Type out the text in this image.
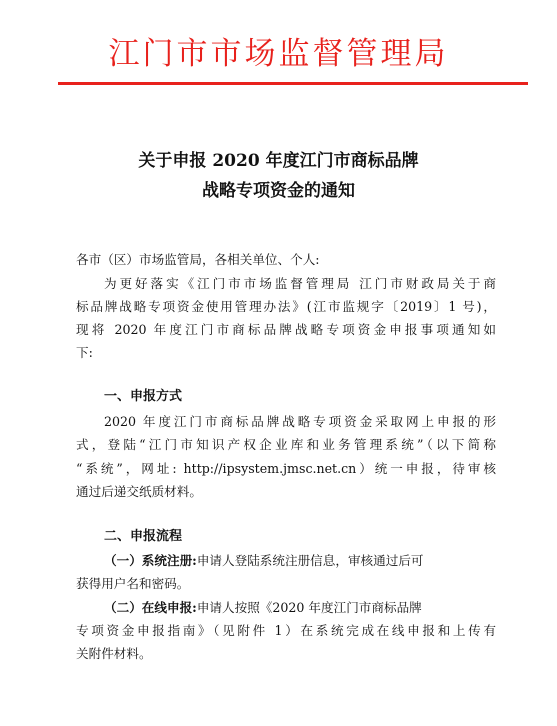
江门市市场监督管理局
关于申报 2020 年度江门市商标品牌
战略专项资金的通知
各市（区）市场监管局，各相关单位、个人:
为更好落实《江门市市场监督管理局 江门市财政局关于商
标品牌战略专项资金使用管理办法》(江市监规字〔2019〕1 号)，
现将 2020 年度江门市商标品牌战略专项资金申报事项通知如
下:
一、申报方式
2020 年度江门市商标品牌战略专项资金采取网上申报的形
式，登陆“江门市知识产权企业库和业务管理系统”（以下简称
“系统”，网址: http://ipsystem.jmsc.net.cn）统一申报，待审核
通过后递交纸质材料。
二、申报流程
（一）系统注册:申请人登陆系统注册信息，审核通过后可
获得用户名和密码。
（二）在线申报:申请人按照《2020 年度江门市商标品牌
专项资金申报指南》（见附件 1）在系统完成在线申报和上传有
关附件材料。
